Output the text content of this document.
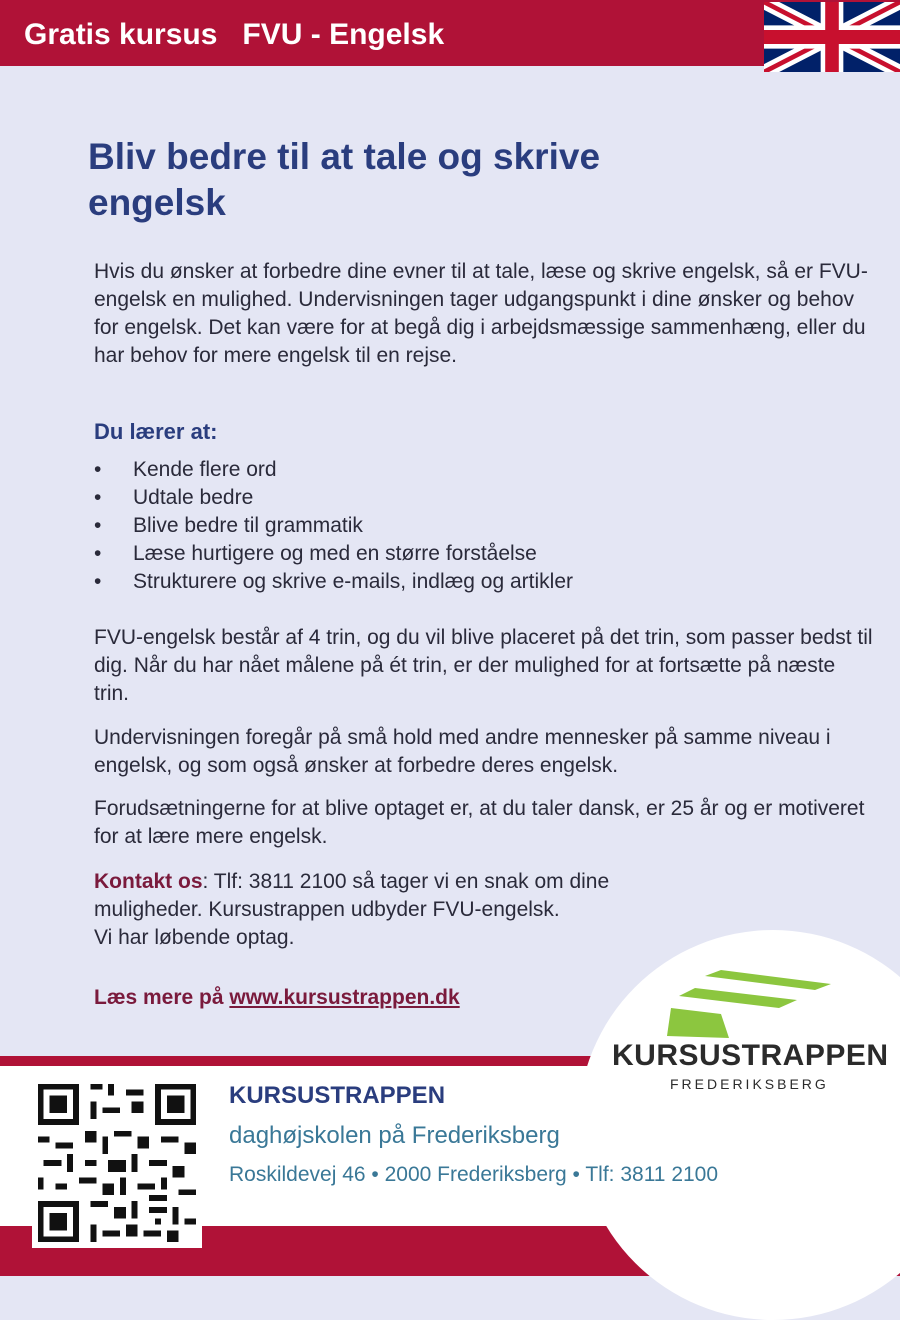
Gratis kursus   FVU - Engelsk
Bliv bedre til at tale og skrive engelsk

Hvis du ønsker at forbedre dine evner til at tale, læse og skrive engelsk, så er FVU-engelsk en mulighed. Undervisningen tager udgangspunkt i dine ønsker og behov for engelsk. Det kan være for at begå dig i arbejdsmæssige sammenhæng, eller du har behov for mere engelsk til en rejse.

Du lærer at:
• Kende flere ord
• Udtale bedre
• Blive bedre til grammatik
• Læse hurtigere og med en større forståelse
• Strukturere og skrive e-mails, indlæg og artikler

FVU-engelsk består af 4 trin, og du vil blive placeret på det trin, som passer bedst til dig. Når du har nået målene på ét trin, er der mulighed for at fortsætte på næste trin.

Undervisningen foregår på små hold med andre mennesker på samme niveau i engelsk, og som også ønsker at forbedre deres engelsk.

Forudsætningerne for at blive optaget er, at du taler dansk, er 25 år og er motiveret for at lære mere engelsk.

Kontakt os: Tlf: 3811 2100 så tager vi en snak om dine
muligheder. Kursustrappen udbyder FVU-engelsk.
Vi har løbende optag.

Læs mere på www.kursustrappen.dk
KURSUSTRAPPEN
FREDERIKSBERG
KURSUSTRAPPEN
daghøjskolen på Frederiksberg
Roskildevej 46 • 2000 Frederiksberg • Tlf: 3811 2100
